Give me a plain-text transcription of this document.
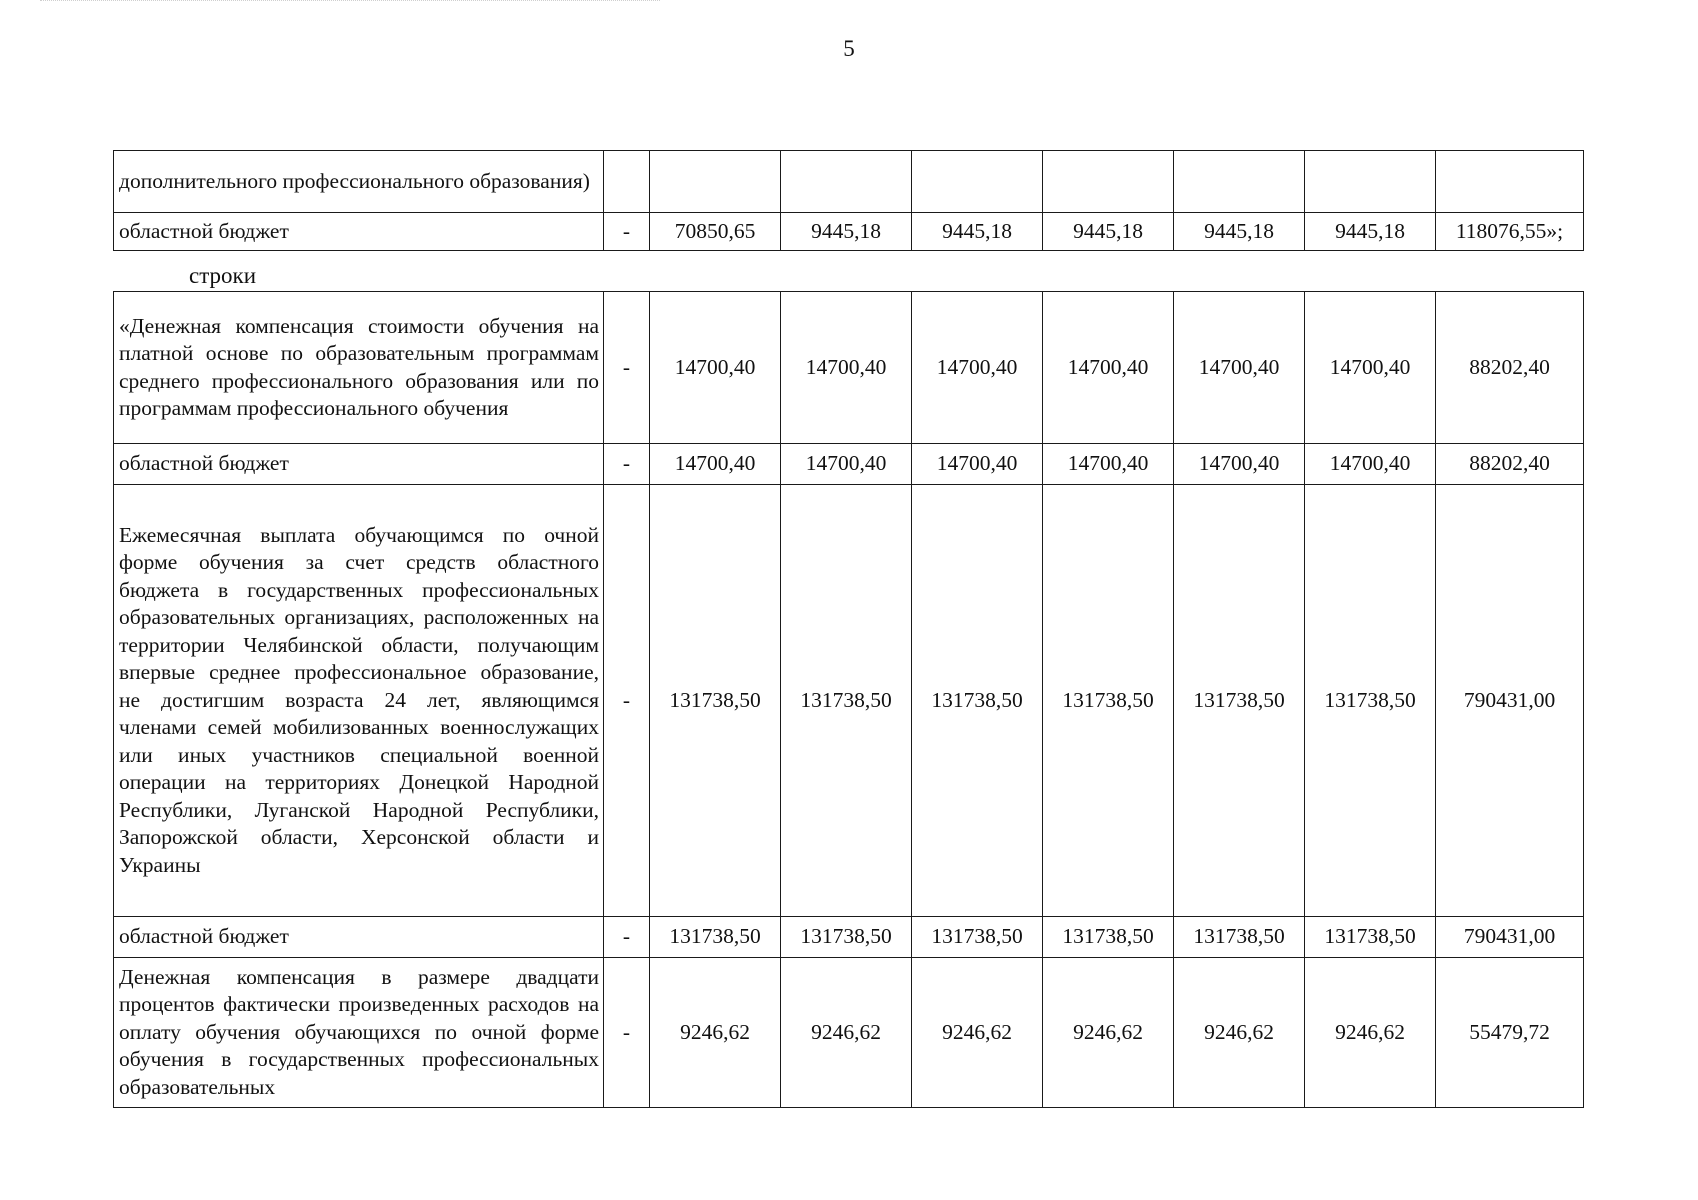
5
дополнительного профессионального образования)								
областной бюджет	-	70850,65	9445,18	9445,18	9445,18	9445,18	9445,18	118076,55»;
строки
«Денежная компенсация стоимости обучения на платной основе по образовательным программам среднего профессионального образования или по программам профессионального обучения	-	14700,40	14700,40	14700,40	14700,40	14700,40	14700,40	88202,40
областной бюджет	-	14700,40	14700,40	14700,40	14700,40	14700,40	14700,40	88202,40
Ежемесячная выплата обучающимся по очной форме обучения за счет средств областного бюджета в государственных профессиональных образовательных организациях, расположенных на территории Челябинской области, получающим впервые среднее профессиональное образование, не достигшим возраста 24 лет, являющимся членами семей мобилизованных военнослужащих или иных участников специальной военной операции на территориях Донецкой Народной Республики, Луганской Народной Республики, Запорожской области, Херсонской области и Украины	-	131738,50	131738,50	131738,50	131738,50	131738,50	131738,50	790431,00
областной бюджет	-	131738,50	131738,50	131738,50	131738,50	131738,50	131738,50	790431,00
Денежная компенсация в размере двадцати процентов фактически произведенных расходов на оплату обучения обучающихся по очной форме обучения в государственных профессиональных образовательных	-	9246,62	9246,62	9246,62	9246,62	9246,62	9246,62	55479,72
